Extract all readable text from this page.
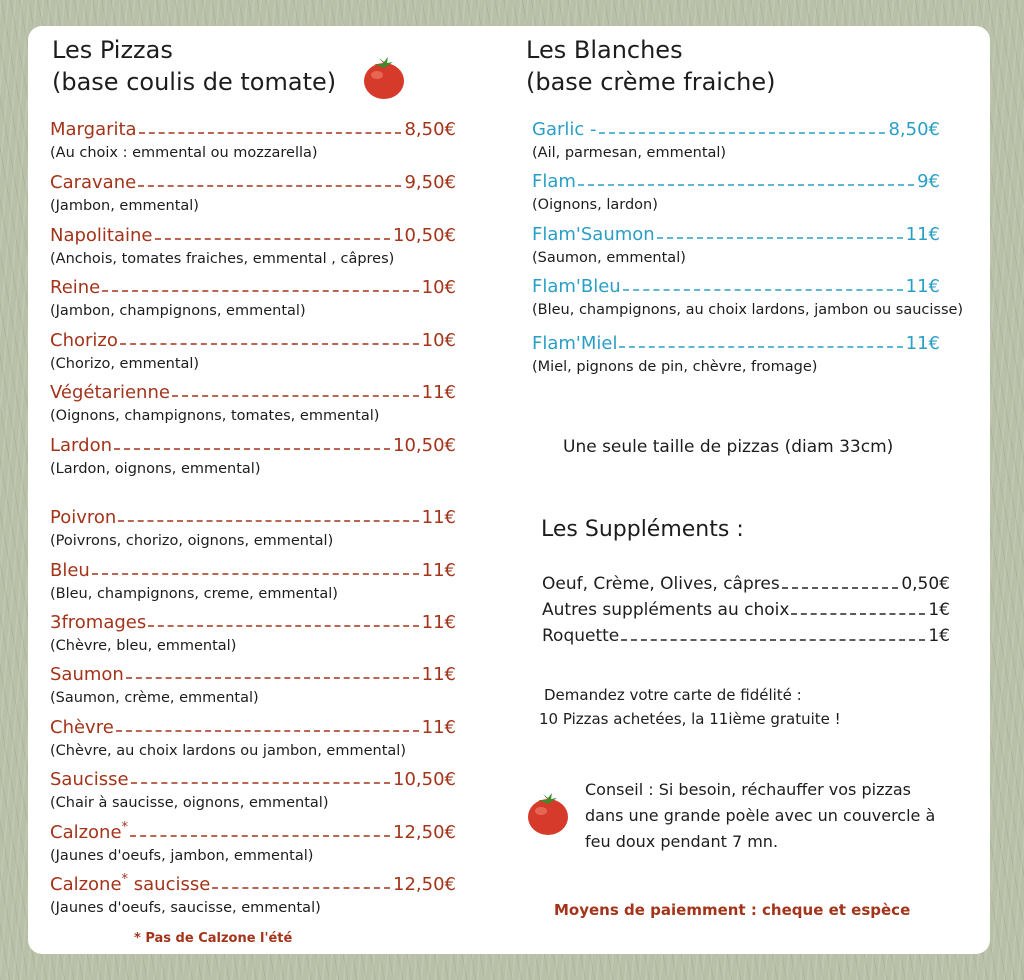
Les Pizzas
(base coulis de tomate)
Margarita	8,50€
(Au choix : emmental ou mozzarella)
Caravane	9,50€
(Jambon, emmental)
Napolitaine	10,50€
(Anchois, tomates fraiches, emmental , câpres)
Reine	10€
(Jambon, champignons, emmental)
Chorizo	10€
(Chorizo, emmental)
Végétarienne	11€
(Oignons, champignons, tomates, emmental)
Lardon	10,50€
(Lardon, oignons, emmental)
Poivron	11€
(Poivrons, chorizo, oignons, emmental)
Bleu	11€
(Bleu, champignons, creme, emmental)
3fromages	11€
(Chèvre, bleu, emmental)
Saumon	11€
(Saumon, crème, emmental)
Chèvre	11€
(Chèvre, au choix lardons ou jambon, emmental)
Saucisse	10,50€
(Chair à saucisse, oignons, emmental)
Calzone*	12,50€
(Jaunes d'oeufs, jambon, emmental)
Calzone* saucisse	12,50€
(Jaunes d'oeufs, saucisse, emmental)
* Pas de Calzone l'été
Les Blanches
(base crème fraiche)
Garlic -	8,50€
(Ail, parmesan, emmental)
Flam	9€
(Oignons, lardon)
Flam'Saumon	11€
(Saumon, emmental)
Flam'Bleu	11€
(Bleu, champignons, au choix lardons, jambon ou saucisse)
Flam'Miel	11€
(Miel, pignons de pin, chèvre, fromage)
Une seule taille de pizzas (diam 33cm)
Les Suppléments :
Oeuf, Crème, Olives, câpres	0,50€
Autres suppléments au choix	1€
Roquette	1€
Demandez votre carte de fidélité :
10 Pizzas achetées, la 11ième gratuite !
Conseil : Si besoin, réchauffer vos pizzas
dans une grande poèle avec un couvercle à
feu doux pendant 7 mn.
Moyens de paiemment : cheque et espèce
